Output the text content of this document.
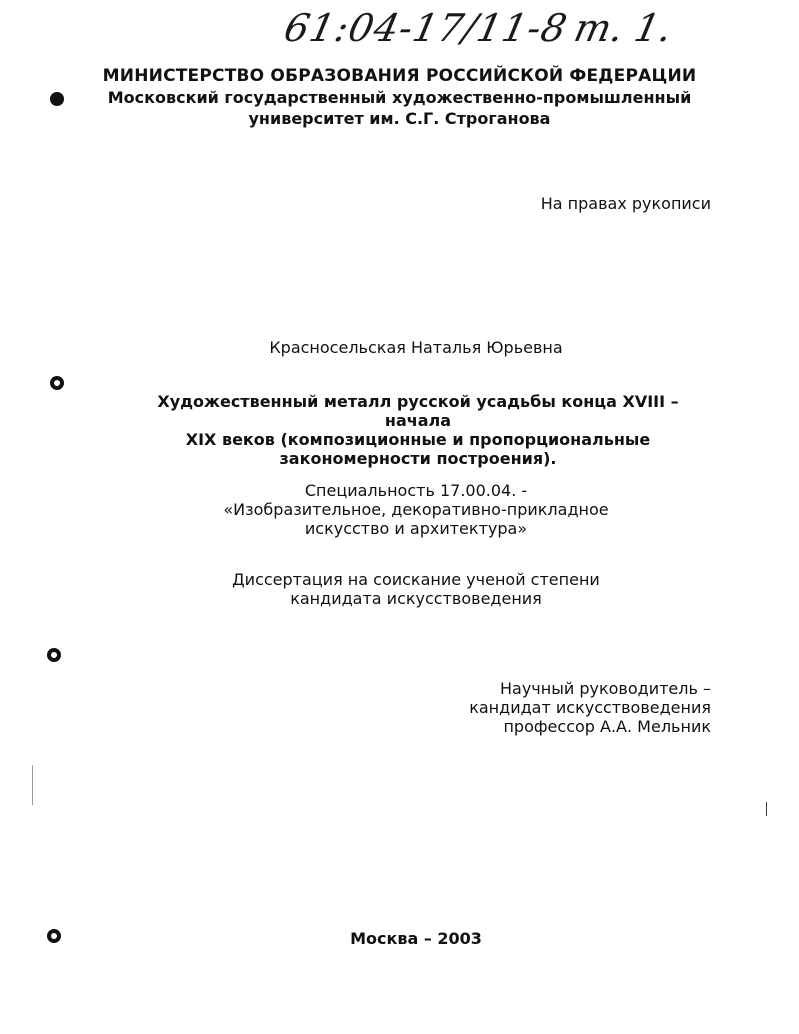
61:04-17/11-8
т. 1.
МИНИСТЕРСТВО ОБРАЗОВАНИЯ РОССИЙСКОЙ ФЕДЕРАЦИИ
Московский государственный художественно-промышленный
университет им. С.Г. Строганова
На правах рукописи
Красносельская Наталья Юрьевна
Художественный металл русской усадьбы конца XVIII – начала
XIX веков (композиционные и пропорциональные
закономерности построения).
Специальность 17.00.04. -
«Изобразительное, декоративно-прикладное
искусство и архитектура»
Диссертация на соискание ученой степени
кандидата искусствоведения
Научный руководитель –
кандидат искусствоведения
профессор А.А. Мельник
Москва – 2003
